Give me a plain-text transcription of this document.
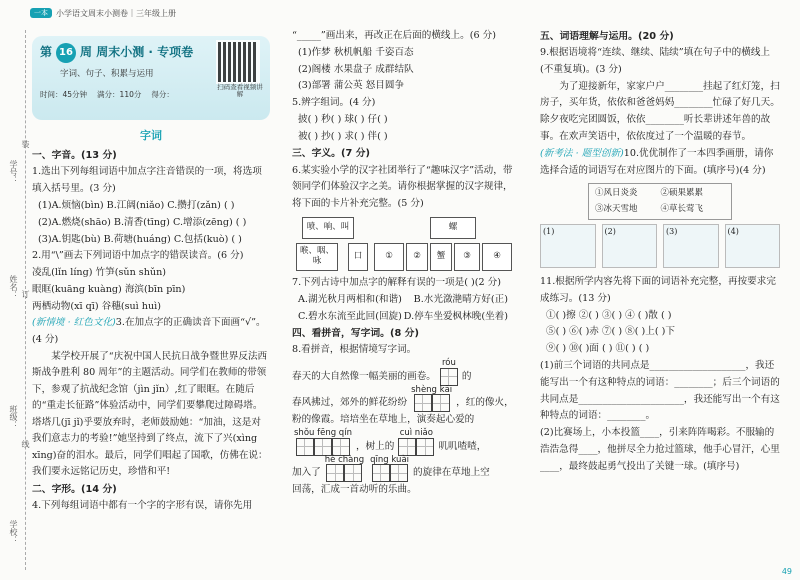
一本	小学语文周末小测卷｜三年级上册
学号：
姓名：
班级：
学校：
装
订
线
第 16 周 周末小测 · 专项卷
字词、句子、积累与运用
时间：45分钟 满分：110分 得分：
扫码查看视频讲解
字词

一、字音。(13 分)

1.选出下列每组词语中加点字注音错误的一项，将选项填入括号里。(3 分)

(1)A.烦恼(bìn) B.江阔(niǎo) C.攒打(zǎn) ( )

(2)A.燃烧(shāo) B.清香(tīng) C.增添(zēng) ( )

(3)A.钥匙(bù) B.荷塘(huáng) C.包括(kuò) ( )

2.用“\”画去下列词语中加点字的错误读音。(6 分)

凌乱(lǐn líng) 竹笋(sǔn shǔn)

眼眶(kuāng kuàng) 海滨(bīn pīn)

两栖动物(xī qī) 谷穗(suì huì)

(新情境 · 红色文化)3.在加点字的正确读音下面画“√”。(4 分)

某学校开展了“庆祝中国人民抗日战争暨世界反法西斯战争胜利 80 周年”的主题活动。同学们在教师的带领下，参观了抗战纪念馆（jìn jǐn）,红了眼眶。在随后的“重走长征路”体验活动中，同学们要攀爬过障碍塔。塔塔几(jī jǐ)乎要放弃时，老师鼓励她：“加油，这是对我们意志力的考验!”她坚持到了终点，流下了兴(xìng xīng)奋的泪水。最后，同学们唱起了国歌，仿佛在说：我们要永远铭记历史，珍惜和平!

二、字形。(14 分)

4.下列每组词语中都有一个字的字形有误，请你先用

“_____”画出来，再改正在后面的横线上。(6 分)

(1)作梦 秋机帆船 千姿百态

(2)阁楼 水果盘子 成群结队

(3)部署 蒲公英 怒目圆争

5.辨字组词。(4 分)

披( ) 秒( ) 球( ) 仔( )

被( ) 抄( ) 求( ) 伴( )

三、字义。(7 分)

6.某实验小学的汉字社团举行了“趣味汉字”活动，带领同学们体验汉字之美。请你根据掌握的汉字规律，将下面的卡片补充完整。(5 分)

喷、响、叫	螺
喉、咽、咏	口	①	②	蟹	③	④

7.下列古诗中加点字的解释有误的一项是( )(2 分)

A.湖光秋月两相和(和谐) B.水光潋滟晴方好(正)
C.碧水东流至此回(回旋) D.停车坐爱枫林晚(坐着)

四、看拼音，写字词。(8 分)

8.看拼音，根据情境写字词。

春天的大自然像一幅美丽的画卷。
róu
的
春风拂过，郊外的鲜花纷纷
shèng kāi
，红的像火，

粉的像霞。培培坐在草地上，演奏起心爱的

shǒu fēng qín
，树上的
cuì niǎo
叽叽喳喳，
加入了
hé chàng qīng kuài
的旋律在草地上空

回荡，汇成一首动听的乐曲。

五、词语理解与运用。(20 分)

9.根据语境将“连续、继续、陆续”填在句子中的横线上(不重复填)。(3 分)

为了迎接新年，家家户户________挂起了红灯笼，扫房子，买年货，依依和爸爸妈妈________忙碌了好几天。除夕夜吃完团圆饭，依依________听长辈讲述年兽的故事。在欢声笑语中，依依度过了一个温暖的春节。

(新考法 · 题型创新)10.优优制作了一本四季画册，请你选择合适的词语写在对应图片的下面。(填序号)(4 分)

①风日炎炎	②硕果累累
③冰天雪地	④草长莺飞
(1)	(2)	(3)	(4)

11.根据所学内容先将下面的词语补充完整，再按要求完成练习。(13 分)

①( )擦 ②( ) ③( ) ④ ( )散 ( )

⑤( ) ⑥( )赤 ⑦( ) ⑧( )上( )下

⑨( ) ⑩( )面 ( ) ⑪( ) ( )

(1)前三个词语的共同点是____________________，我还能写出一个有这种特点的词语：________；后三个词语的共同点是______________________，我还能写出一个有这种特点的词语：________。

(2)比赛场上，小本投篮____，引来阵阵喝彩。不服输的浩浩急得____，他拼尽全力抢过篮球，他手心冒汗，心里____，最终鼓起勇气投出了关键一球。(填序号)

49
